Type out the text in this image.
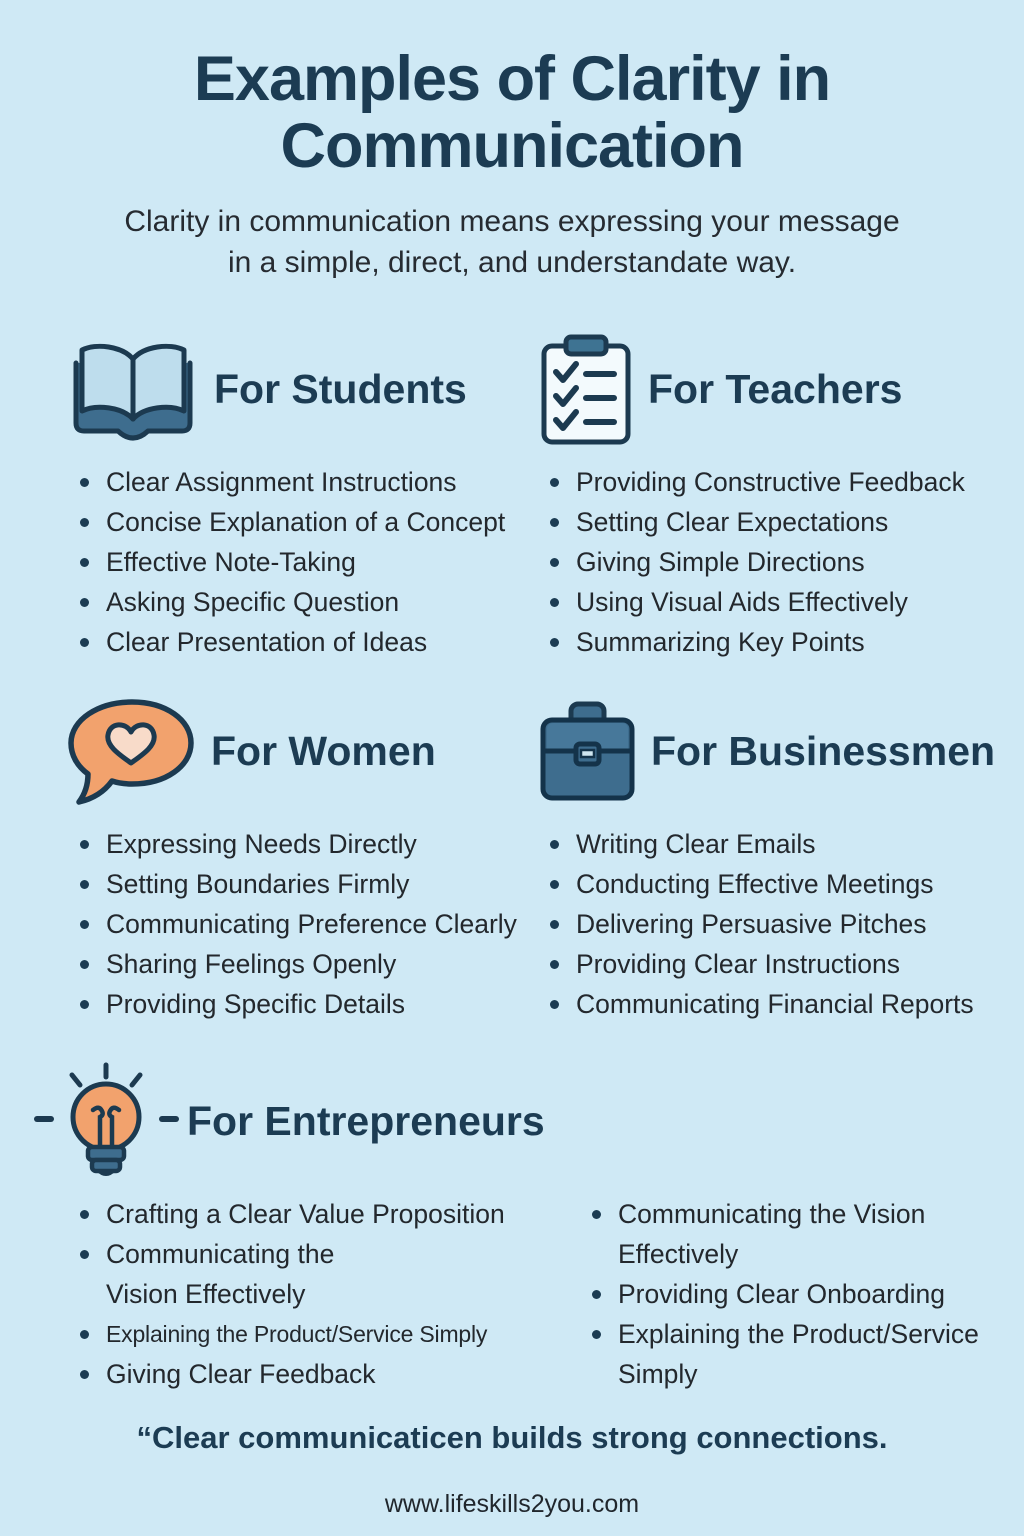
Examples of Clarity in Communication

Clarity in communication means expressing your message in a simple, direct, and understandate way.

For Students
Clear Assignment Instructions
Concise Explanation of a Concept
Effective Note-Taking
Asking Specific Question
Clear Presentation of Ideas
For Teachers
Providing Constructive Feedback
Setting Clear Expectations
Giving Simple Directions
Using Visual Aids Effectively
Summarizing Key Points
For Women
Expressing Needs Directly
Setting Boundaries Firmly
Communicating Preference Clearly
Sharing Feelings Openly
Providing Specific Details
For Businessmen
Writing Clear Emails
Conducting Effective Meetings
Delivering Persuasive Pitches
Providing Clear Instructions
Communicating Financial Reports
For Entrepreneurs
Crafting a Clear Value Proposition
Communicating the Vision Effectively
Explaining the Product/Service Simply
Giving Clear Feedback
Communicating the Vision Effectively
Providing Clear Onboarding
Explaining the Product/Service Simply

“Clear communicaticen builds strong connections.

www.lifeskills2you.com
